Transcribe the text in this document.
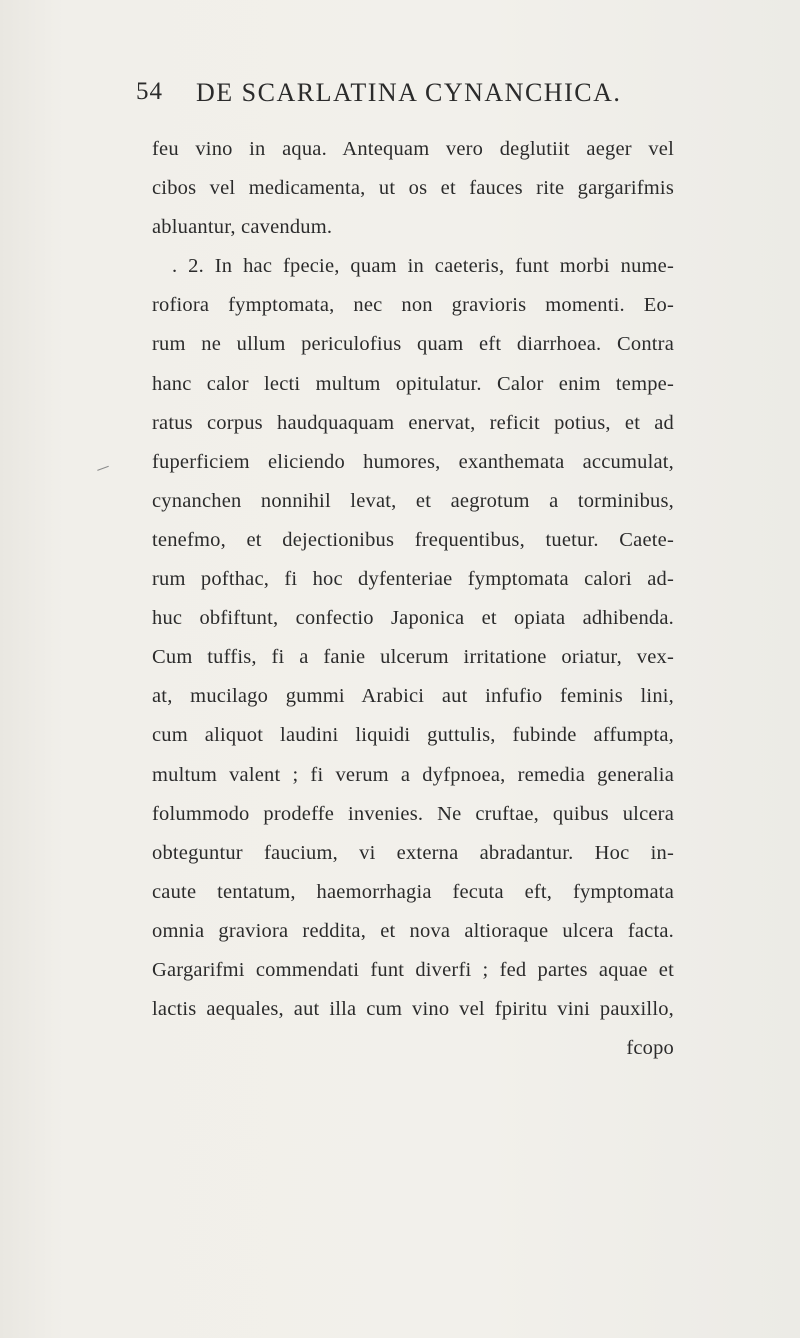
54 DE SCARLATINA CYNANCHICA.
feu vino in aqua. Antequam vero deglutiit aeger vel
cibos vel medicamenta, ut os et fauces rite gargarifmis
abluantur, cavendum.
. 2. In hac fpecie, quam in caeteris, funt morbi nume-
rofiora fymptomata, nec non gravioris momenti. Eo-
rum ne ullum periculofius quam eft diarrhoea. Contra
hanc calor lecti multum opitulatur. Calor enim tempe-
ratus corpus haudquaquam enervat, reficit potius, et ad
fuperficiem eliciendo humores, exanthemata accumulat,
cynanchen nonnihil levat, et aegrotum a torminibus,
tenefmo, et dejectionibus frequentibus, tuetur. Caete-
rum pofthac, fi hoc dyfenteriae fymptomata calori ad-
huc obfiftunt, confectio Japonica et opiata adhibenda.
Cum tuffis, fi a fanie ulcerum irritatione oriatur, vex-
at, mucilago gummi Arabici aut infufio feminis lini,
cum aliquot laudini liquidi guttulis, fubinde affumpta,
multum valent ; fi verum a dyfpnoea, remedia generalia
folummodo prodeffe invenies. Ne cruftae, quibus ulcera
obteguntur faucium, vi externa abradantur. Hoc in-
caute tentatum, haemorrhagia fecuta eft, fymptomata
omnia graviora reddita, et nova altioraque ulcera facta.
Gargarifmi commendati funt diverfi ; fed partes aquae et
lactis aequales, aut illa cum vino vel fpiritu vini pauxillo,
fcopo
